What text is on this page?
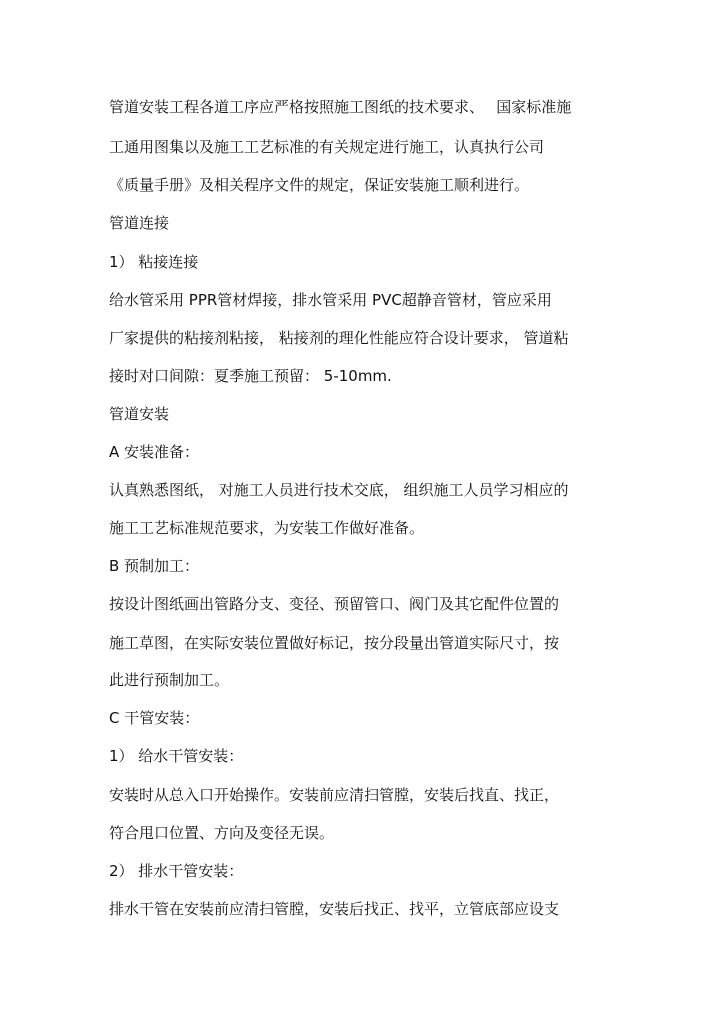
管道安装工程各道工序应严格按照施工图纸的技术要求、　 国家标准施
工通用图集以及施工工艺标准的有关规定进行施工，认真执行公司
《质量手册》及相关程序文件的规定，保证安装施工顺利进行。
管道连接
1） 粘接连接
给水管采用 PPR管材焊接，排水管采用 PVC超静音管材，管应采用
厂家提供的粘接剂粘接， 粘接剂的理化性能应符合设计要求， 管道粘
接时对口间隙：夏季施工预留： 5-10mm.
管道安装
A 安装准备：
认真熟悉图纸， 对施工人员进行技术交底， 组织施工人员学习相应的
施工工艺标准规范要求，为安装工作做好准备。
B 预制加工：
按设计图纸画出管路分支、变径、预留管口、阀门及其它配件位置的
施工草图，在实际安装位置做好标记，按分段量出管道实际尺寸，按
此进行预制加工。
C 干管安装：
1） 给水干管安装：
安装时从总入口开始操作。安装前应清扫管膛，安装后找直、找正，
符合甩口位置、方向及变径无误。
2） 排水干管安装：
排水干管在安装前应清扫管膛，安装后找正、找平，立管底部应设支
